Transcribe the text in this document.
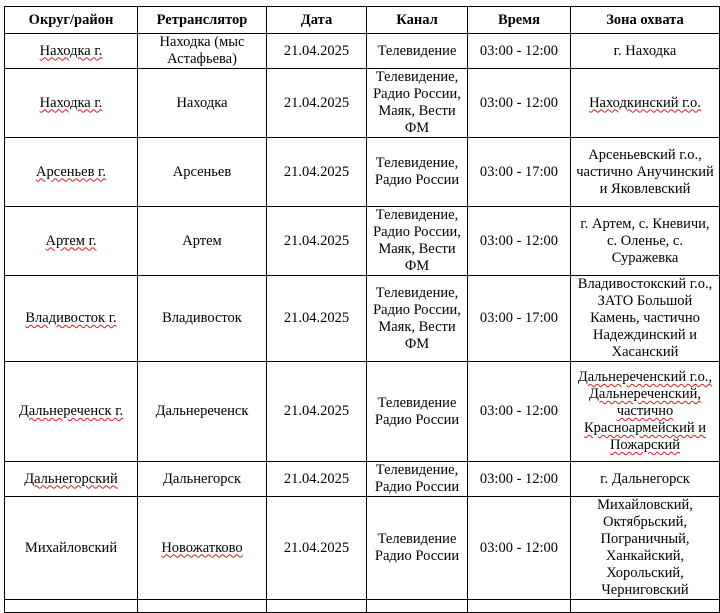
Округ/район	Ретранслятор	Дата	Канал	Время	Зона охвата
Находка г.	Находка (мыс Астафьева)	21.04.2025	Телевидение	03:00 - 12:00	г. Находка
Находка г.	Находка	21.04.2025	Телевидение, Радио России, Маяк, Вести ФМ	03:00 - 12:00	Находкинский г.о.
Арсеньев г.	Арсеньев	21.04.2025	Телевидение, Радио России	03:00 - 17:00	Арсеньевский г.о., частично Анучинский и Яковлевский
Артем г.	Артем	21.04.2025	Телевидение, Радио России, Маяк, Вести ФМ	03:00 - 12:00	г. Артем, с. Кневичи, с. Оленье, с. Суражевка
Владивосток г.	Владивосток	21.04.2025	Телевидение, Радио России, Маяк, Вести ФМ	03:00 - 17:00	Владивостокский г.о., ЗАТО Большой Камень, частично Надеждинский и Хасанский
Дальнереченск г.	Дальнереченск	21.04.2025	Телевидение Радио России	03:00 - 12:00	Дальнереченский г.о., Дальнереченский, частично Красноармейский и Пожарский
Дальнегорский	Дальнегорск	21.04.2025	Телевидение, Радио России	03:00 - 12:00	г. Дальнегорск
Михайловский	Новожатково	21.04.2025	Телевидение Радио России	03:00 - 12:00	Михайловский, Октябрьский, Пограничный, Ханкайский, Хорольский, Черниговский
